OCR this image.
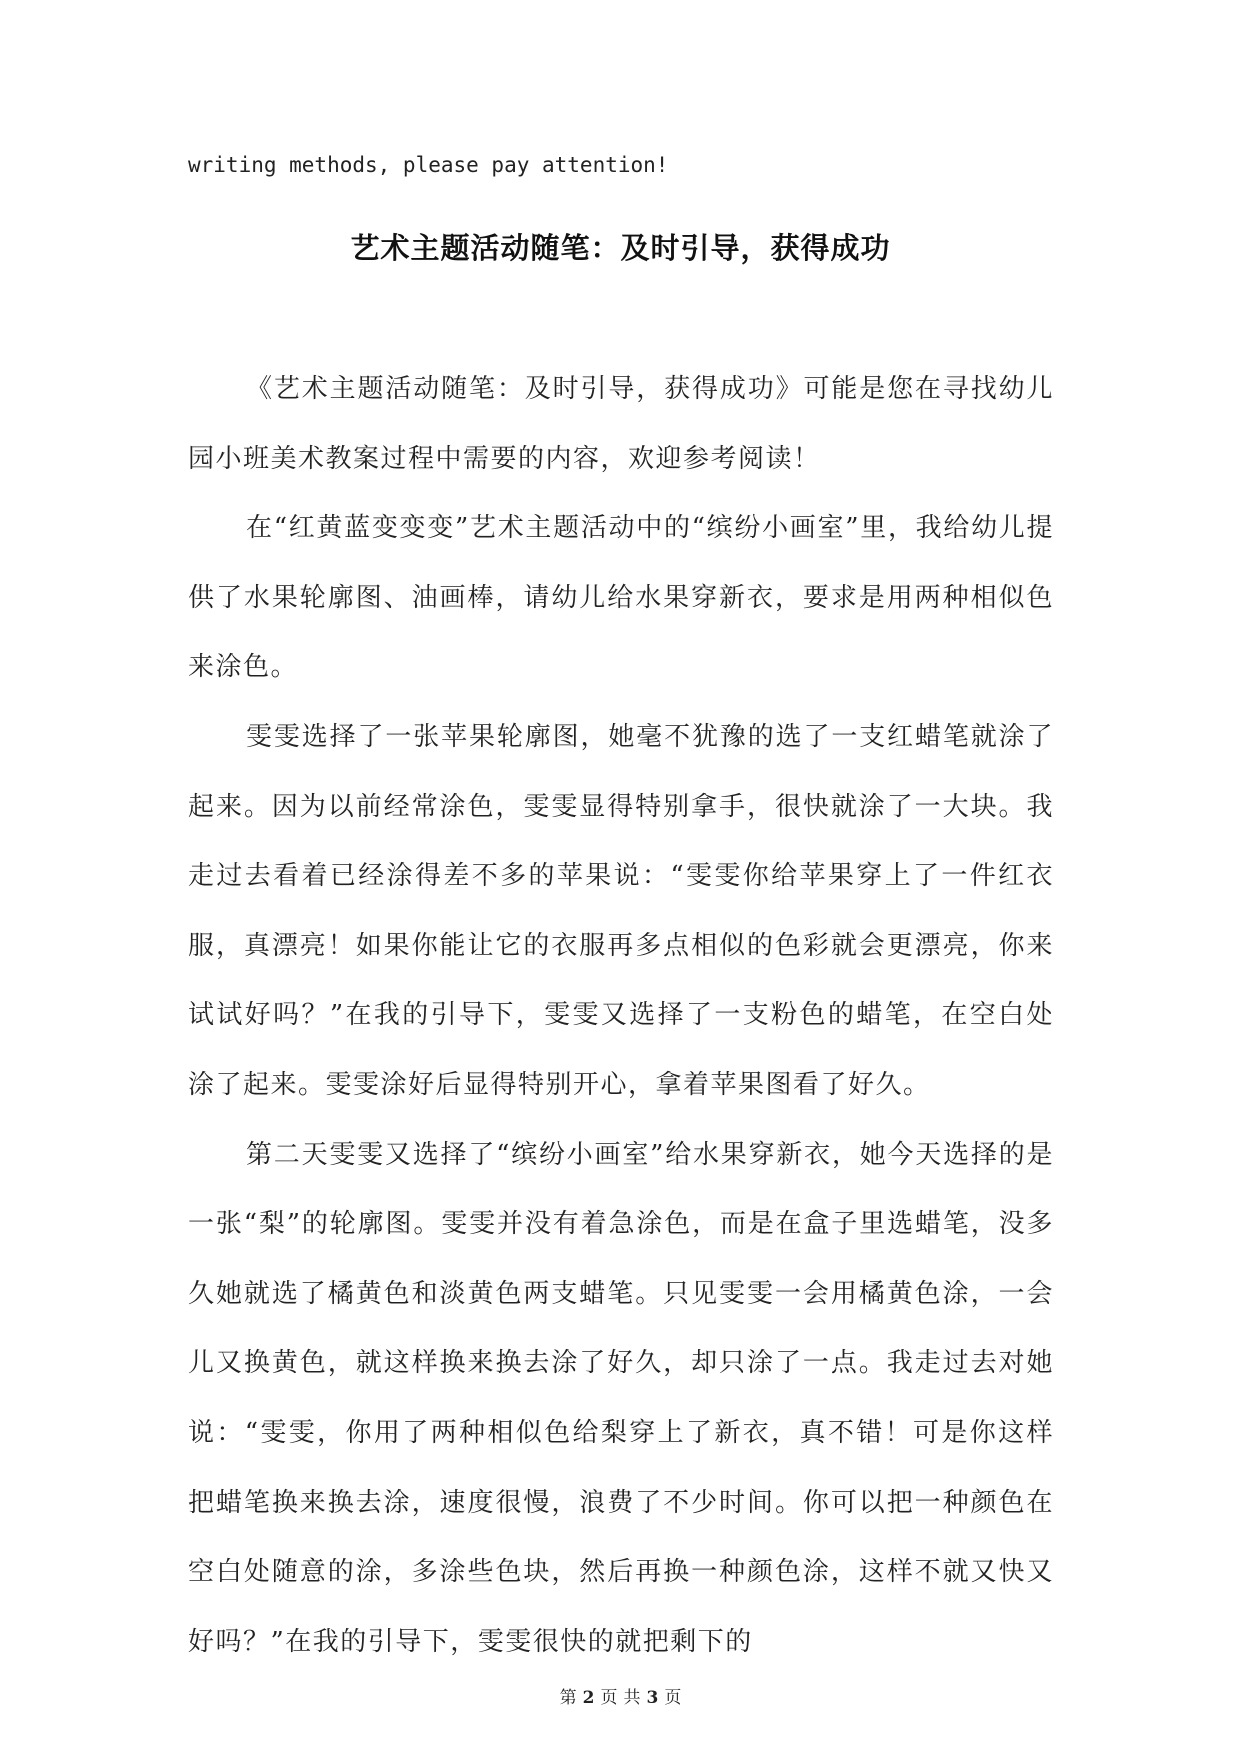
writing methods, please pay attention!
艺术主题活动随笔：及时引导，获得成功

《艺术主题活动随笔：及时引导，获得成功》可能是您在寻找幼儿园小班美术教案过程中需要的内容，欢迎参考阅读！

在“红黄蓝变变变”艺术主题活动中的“缤纷小画室”里，我给幼儿提供了水果轮廓图、油画棒，请幼儿给水果穿新衣，要求是用两种相似色来涂色。

雯雯选择了一张苹果轮廓图，她毫不犹豫的选了一支红蜡笔就涂了起来。因为以前经常涂色，雯雯显得特别拿手，很快就涂了一大块。我走过去看着已经涂得差不多的苹果说：“雯雯你给苹果穿上了一件红衣服，真漂亮！如果你能让它的衣服再多点相似的色彩就会更漂亮，你来试试好吗？”在我的引导下，雯雯又选择了一支粉色的蜡笔，在空白处涂了起来。雯雯涂好后显得特别开心，拿着苹果图看了好久。

第二天雯雯又选择了“缤纷小画室”给水果穿新衣，她今天选择的是一张“梨”的轮廓图。雯雯并没有着急涂色，而是在盒子里选蜡笔，没多久她就选了橘黄色和淡黄色两支蜡笔。只见雯雯一会用橘黄色涂，一会儿又换黄色，就这样换来换去涂了好久，却只涂了一点。我走过去对她说：“雯雯，你用了两种相似色给梨穿上了新衣，真不错！可是你这样把蜡笔换来换去涂，速度很慢，浪费了不少时间。你可以把一种颜色在空白处随意的涂，多涂些色块，然后再换一种颜色涂，这样不就又快又好吗？”在我的引导下，雯雯很快的就把剩下的

第 2 页 共 3 页
